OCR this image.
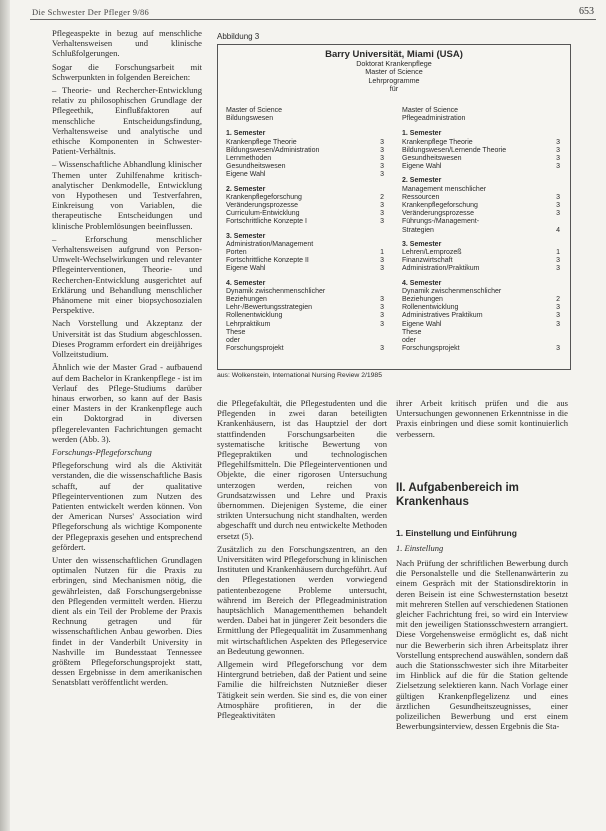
Die Schwester Der Pfleger 9/86	653

Pflegeaspekte in bezug auf menschliche Verhaltensweisen und klinische Schlußfolgerungen.

Sogar die Forschungsarbeit mit Schwerpunkten in folgenden Bereichen:

– Theorie- und Rechercher-Entwicklung relativ zu philosophischen Grundlage der Pflegeethik, Einflußfaktoren auf menschliche Entscheidungsfindung, Verhaltensweise und analytische und ethische Komponenten in Schwester-Patient-Verhältnis.

– Wissenschaftliche Abhandlung klinischer Themen unter Zuhilfenahme kritisch-analytischer Denkmodelle, Entwicklung von Hypothesen und Testverfahren, Einkreisung von Variablen, die therapeutische Entscheidungen und klinische Problemlösungen beeinflussen.

– Erforschung menschlicher Verhaltensweisen aufgrund von Person-Umwelt-Wechselwirkungen und relevanter Pflegeinterventionen, Theorie- und Recherchen-Entwicklung ausgerichtet auf Erklärung und Behandlung menschlicher Phänomene mit einer biopsychosozialen Perspektive.

Nach Vorstellung und Akzeptanz der Universität ist das Studium abgeschlossen. Dieses Programm erfordert ein dreijähriges Vollzeitstudium.

Ähnlich wie der Master Grad - aufbauend auf dem Bachelor in Krankenpflege - ist im Verlauf des Pflege-Studiums darüber hinaus erworben, so kann auf der Basis einer Masters in der Krankenpflege auch ein Doktorgrad in diversen pflegerelevanten Fachrichtungen gemacht werden (Abb. 3).

Forschungs-Pflegeforschung

Pflegeforschung wird als die Aktivität verstanden, die die wissenschaftliche Basis schafft, auf der qualitative Pflegeinterventionen zum Nutzen des Patienten entwickelt werden können. Von der American Nurses' Association wird Pflegeforschung als wichtige Komponente der Pflegepraxis gesehen und entsprechend gefördert.

Unter den wissenschaftlichen Grundlagen optimalen Nutzen für die Praxis zu erbringen, sind Mechanismen nötig, die gewährleisten, daß Forschungsergebnisse den Pflegenden vermittelt werden. Hierzu dient als ein Teil der Probleme der Praxis Rechnung getragen und für wissenschaftlichen Anbau geworben. Dies findet in der Vanderbilt University in Nashville im Bundesstaat Tennessee größtem Pflegeforschungsprojekt statt, dessen Ergebnisse in dem amerikanischen Senatsblatt veröffentlicht werden.

Abbildung 3
Barry Universität, Miami (USA)
Doktorat Krankenpflege
Master of Science
Lehrprogramme
für
Master of Science
Bildungswesen
1. Semester
Krankenpflege Theorie	3
Bildungswesen/Administration	3
Lernmethoden	3
Gesundheitswesen	3
Eigene Wahl	3
2. Semester
Krankenpflegeforschung	2
Veränderungsprozesse	3
Curriculum-Entwicklung	3
Fortschrittliche Konzepte I	3
3. Semester
Administration/Management
Porten	1
Fortschrittliche Konzepte II	3
Eigene Wahl	3
4. Semester
Dynamik zwischenmenschlicher
Beziehungen	3
Lehr-/Bewertungsstrategien	3
Rollenentwicklung	3
Lehrpraktikum	3
These
oder
Forschungsprojekt	3
Master of Science
Pflegeadministration
1. Semester
Krankenpflege Theorie	3
Bildungswesen/Lernende Theorie	3
Gesundheitswesen	3
Eigene Wahl	3
2. Semester
Management menschlicher
Ressourcen	3
Krankenpflegeforschung	3
Veränderungsprozesse	3
Führungs-/Management-
Strategien	4
3. Semester
Lehren/Lernprozeß	1
Finanzwirtschaft	3
Administration/Praktikum	3
4. Semester
Dynamik zwischenmenschlicher
Beziehungen	2
Rollenentwicklung	3
Administratives Praktikum	3
Eigene Wahl	3
These
oder
Forschungsprojekt	3
aus: Wolkenstein, International Nursing Review 2/1985

die Pflegefakultät, die Pflegestudenten und die Pflegenden in zwei daran beteiligten Krankenhäusern, ist das Hauptziel der dort stattfindenden Forschungsarbeiten die systematische kritische Bewertung von Pflegepraktiken und technologischen Pflegehilfsmitteln. Die Pflegeinterventionen und Objekte, die einer rigorosen Untersuchung unterzogen werden, reichen von Grundsatzwissen und Lehre und Praxis übernommen. Diejenigen Systeme, die einer strikten Untersuchung nicht standhalten, werden abgeschafft und durch neu entwickelte Methoden ersetzt (5).

Zusätzlich zu den Forschungszentren, an den Universitäten wird Pflegeforschung in klinischen Instituten und Krankenhäusern durchgeführt. Auf den Pflegestationen werden vorwiegend patientenbezogene Probleme untersucht, während im Bereich der Pflegeadministration hauptsächlich Managementthemen behandelt werden. Dabei hat in jüngerer Zeit besonders die Ermittlung der Pflegequalität im Zusammenhang mit wirtschaftlichen Aspekten des Pflegeservice an Bedeutung gewonnen.

Allgemein wird Pflegeforschung vor dem Hintergrund betrieben, daß der Patient und seine Familie die hilfreichsten Nutznießer dieser Tätigkeit sein werden. Sie sind es, die von einer Atmosphäre profitieren, in der die Pflegeaktivitäten

ihrer Arbeit kritisch prüfen und die aus Untersuchungen gewonnenen Erkenntnisse in die Praxis einbringen und diese somit kontinuierlich verbessern.

II. Aufgabenbereich im Krankenhaus
1. Einstellung und Einführung
1. Einstellung

Nach Prüfung der schriftlichen Bewerbung durch die Personalstelle und die Stellenanwärterin zu einem Gespräch mit der Stationsdirektorin in deren Beisein ist eine Schwesternstation besetzt mit mehreren Stellen auf verschiedenen Stationen gleicher Fachrichtung frei, so wird ein Interview mit den jeweiligen Stationsschwestern arrangiert. Diese Vorgehensweise ermöglicht es, daß nicht nur die Bewerberin sich ihren Arbeitsplatz ihrer Vorstellung entsprechend auswählen, sondern daß auch die Stationsschwester sich ihre Mitarbeiter im Hinblick auf die für die Station geltende Zielsetzung selektieren kann. Nach Vorlage einer gültigen Krankenpflegelizenz und eines ärztlichen Gesundheitszeugnisses, einer polizeilichen Bewerbung und erst einem Bewerbungsinterview, dessen Ergebnis die Sta-
